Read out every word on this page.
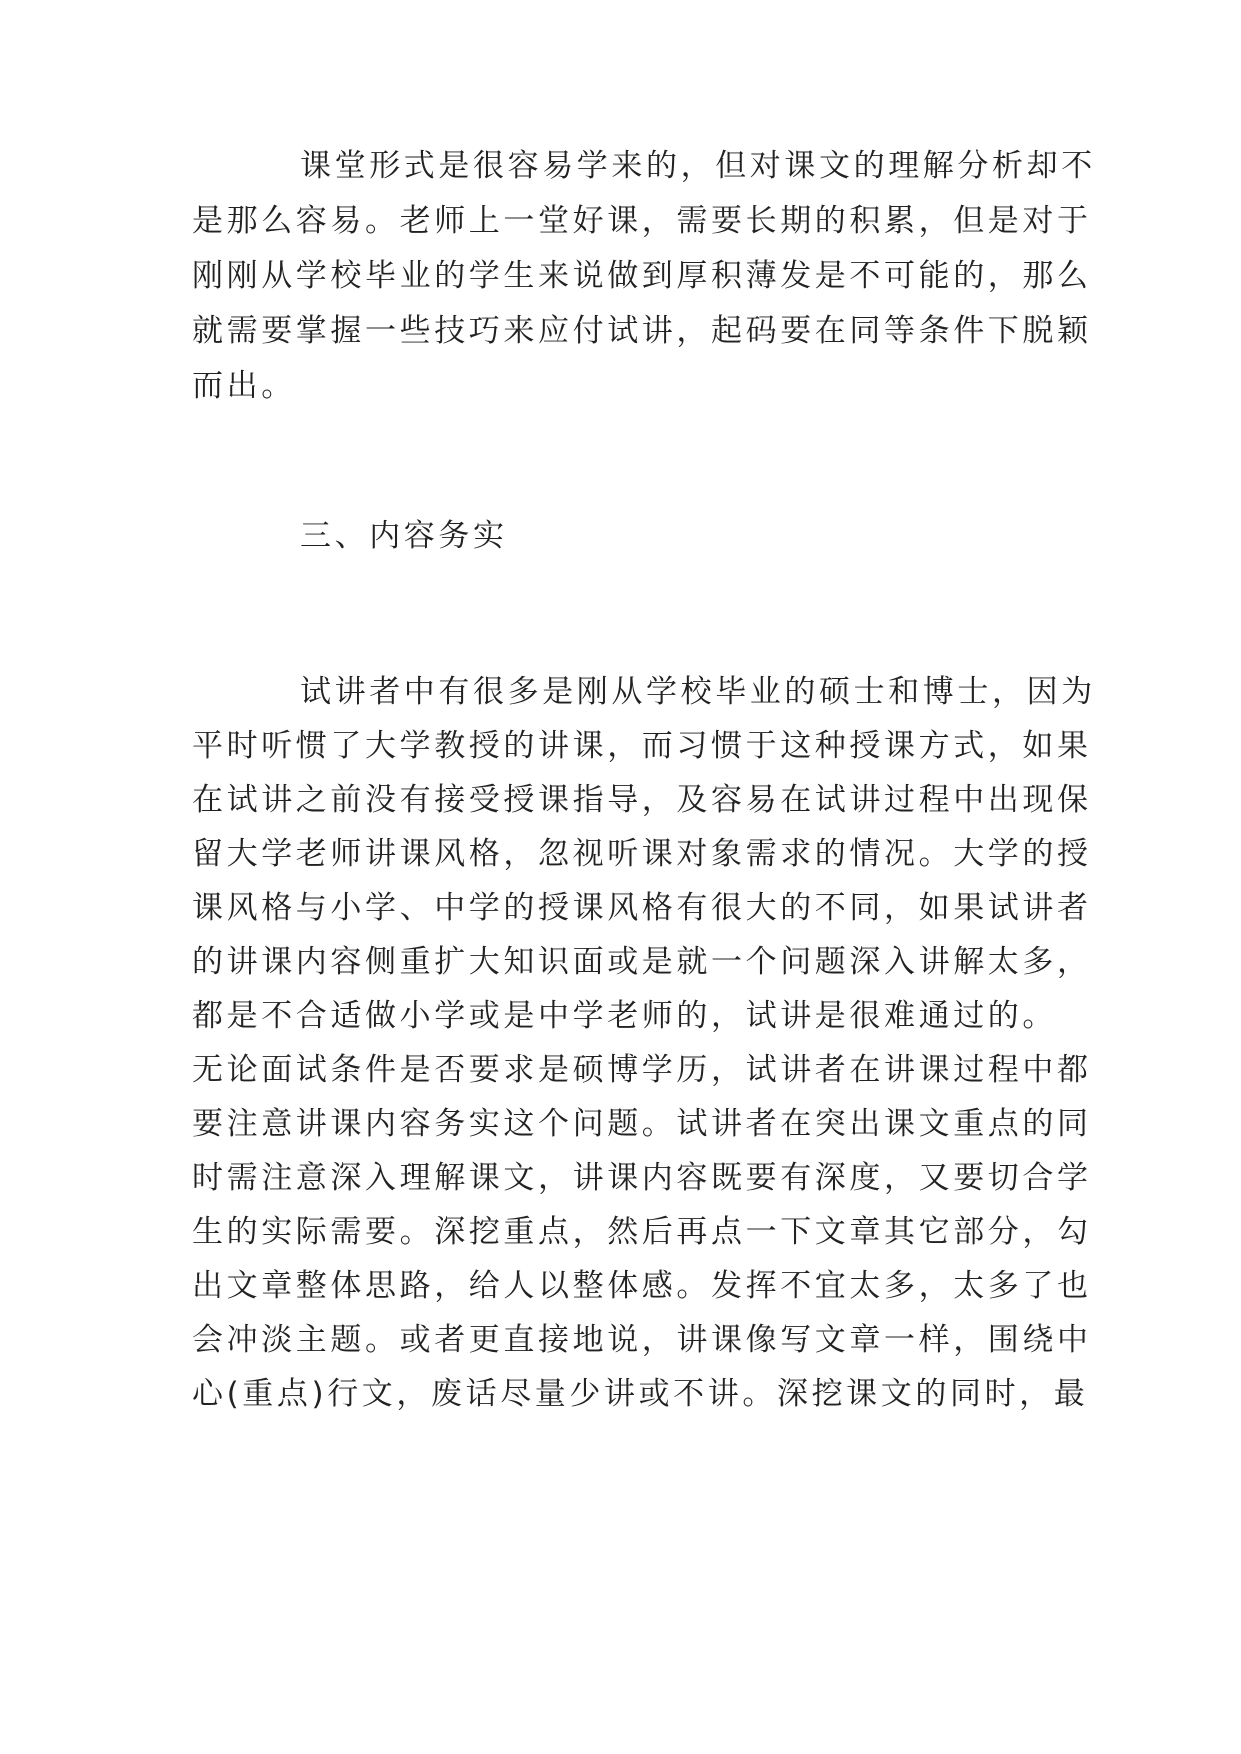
课堂形式是很容易学来的，但对课文的理解分析却不
是那么容易。老师上一堂好课，需要长期的积累，但是对于
刚刚从学校毕业的学生来说做到厚积薄发是不可能的，那么
就需要掌握一些技巧来应付试讲，起码要在同等条件下脱颖
而出。
三、内容务实
试讲者中有很多是刚从学校毕业的硕士和博士，因为
平时听惯了大学教授的讲课，而习惯于这种授课方式，如果
在试讲之前没有接受授课指导，及容易在试讲过程中出现保
留大学老师讲课风格，忽视听课对象需求的情况。大学的授
课风格与小学、中学的授课风格有很大的不同，如果试讲者
的讲课内容侧重扩大知识面或是就一个问题深入讲解太多，
都是不合适做小学或是中学老师的，试讲是很难通过的。
无论面试条件是否要求是硕博学历，试讲者在讲课过程中都
要注意讲课内容务实这个问题。试讲者在突出课文重点的同
时需注意深入理解课文，讲课内容既要有深度，又要切合学
生的实际需要。深挖重点，然后再点一下文章其它部分，勾
出文章整体思路，给人以整体感。发挥不宜太多，太多了也
会冲淡主题。或者更直接地说，讲课像写文章一样，围绕中
心(重点)行文，废话尽量少讲或不讲。深挖课文的同时，最
